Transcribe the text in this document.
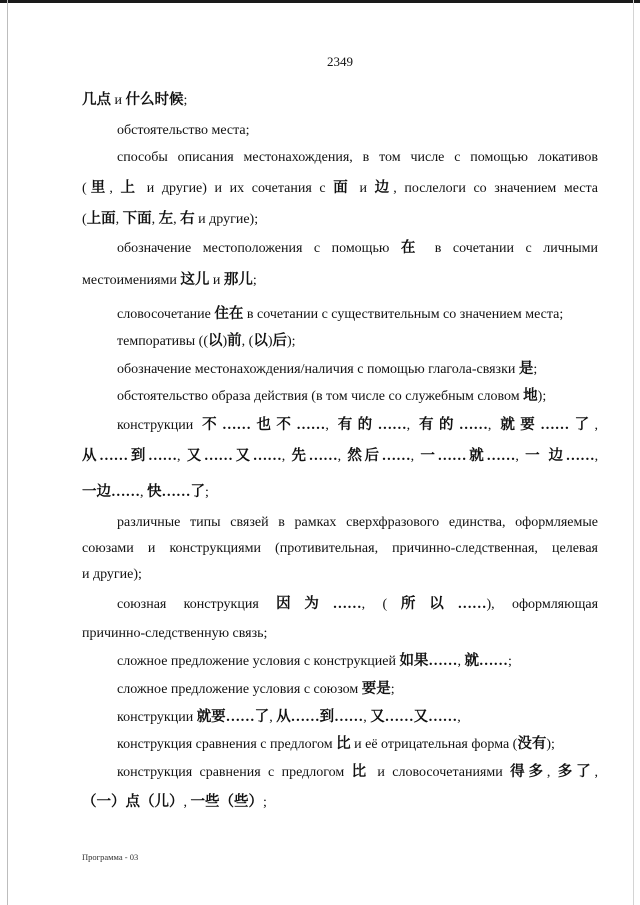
2349
几点 и 什么时候;
обстоятельство места;
способы описания местонахождения, в том числе с помощью локативов
(里, 上 и другие) и их сочетания с 面 и 边, послелоги со значением места
(上面, 下面, 左, 右 и другие);
обозначение местоположения с помощью 在 в сочетании с личными
местоимениями 这儿 и 那儿;
словосочетание 住在 в сочетании с существительным со значением места;
темпоративы ((以)前, (以)后);
обозначение местонахождения/наличия с помощью глагола-связки 是;
обстоятельство образа действия (в том числе со служебным словом 地);
конструкции 不……也不……, 有的……, 有的……, 就要……了,
从……到……, 又……又……, 先……, 然后……, 一……就……, 一 边……,
一边……, 快……了;
различные типы связей в рамках сверхфразового единства, оформляемые
союзами и конструкциями (противительная, причинно-следственная, целевая
и другие);
союзная конструкция 因为……, (所以……), оформляющая
причинно-следственную связь;
сложное предложение условия с конструкцией 如果……, 就……;
сложное предложение условия с союзом 要是;
конструкции 就要……了, 从……到……, 又……又……,
конструкция сравнения с предлогом 比 и её отрицательная форма (没有);
конструкция сравнения с предлогом 比 и словосочетаниями 得多, 多了,
（一）点（儿）, 一些（些）;
Программа - 03
